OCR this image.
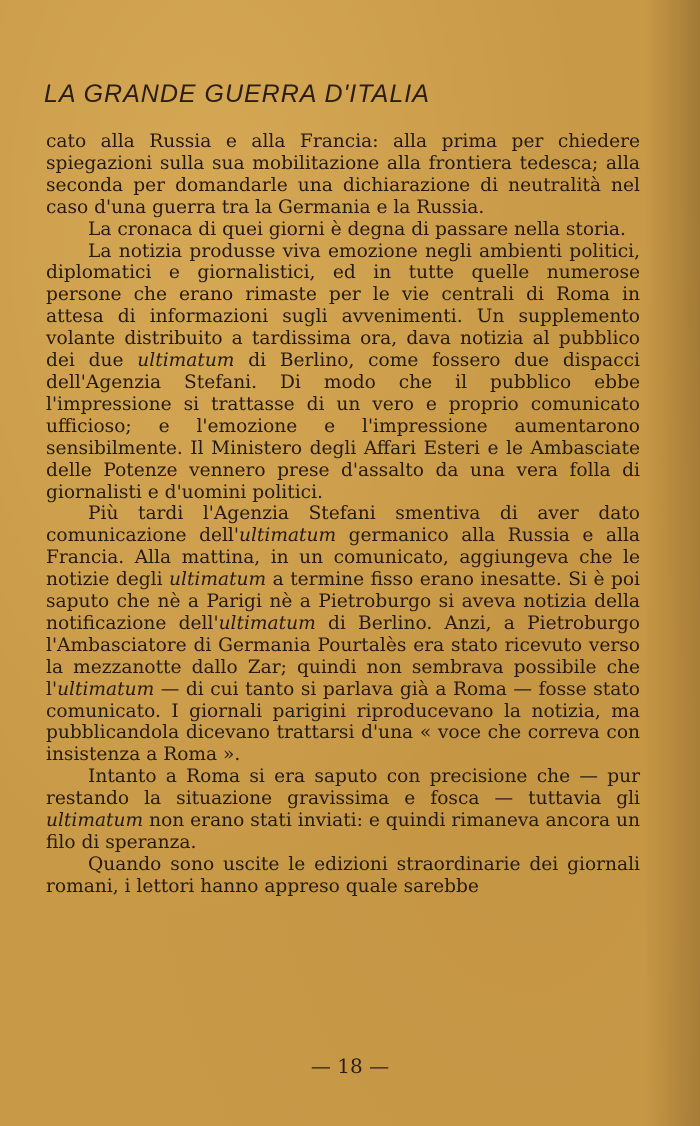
LA GRANDE GUERRA D'ITALIA

cato alla Russia e alla Francia: alla prima per chiedere spiegazioni sulla sua mobilitazione alla frontiera tedesca; alla seconda per domandarle una dichiarazione di neutralità nel caso d'una guerra tra la Germania e la Russia.

La cronaca di quei giorni è degna di passare nella storia.

La notizia produsse viva emozione negli ambienti politici, diplomatici e giornalistici, ed in tutte quelle numerose persone che erano rimaste per le vie centrali di Roma in attesa di informazioni sugli avvenimenti. Un supplemento volante distribuito a tardissima ora, dava notizia al pubblico dei due ultimatum di Berlino, come fossero due dispacci dell'Agenzia Stefani. Di modo che il pubblico ebbe l'impressione si trattasse di un vero e proprio comunicato ufficioso; e l'emozione e l'impressione aumentarono sensibilmente. Il Ministero degli Affari Esteri e le Ambasciate delle Potenze vennero prese d'assalto da una vera folla di giornalisti e d'uomini politici.

Più tardi l'Agenzia Stefani smentiva di aver dato comunicazione dell'ultimatum germanico alla Russia e alla Francia. Alla mattina, in un comunicato, aggiungeva che le notizie degli ultimatum a termine fisso erano inesatte. Si è poi saputo che nè a Parigi nè a Pietroburgo si aveva notizia della notificazione dell'ultimatum di Berlino. Anzi, a Pietroburgo l'Ambasciatore di Germania Pourtalès era stato ricevuto verso la mezzanotte dallo Zar; quindi non sembrava possibile che l'ultimatum — di cui tanto si parlava già a Roma — fosse stato comunicato. I giornali parigini riproducevano la notizia, ma pubblicandola dicevano trattarsi d'una « voce che correva con insistenza a Roma ».

Intanto a Roma si era saputo con precisione che — pur restando la situazione gravissima e fosca — tuttavia gli ultimatum non erano stati inviati: e quindi rimaneva ancora un filo di speranza.

Quando sono uscite le edizioni straordinarie dei giornali romani, i lettori hanno appreso quale sarebbe

— 18 —
